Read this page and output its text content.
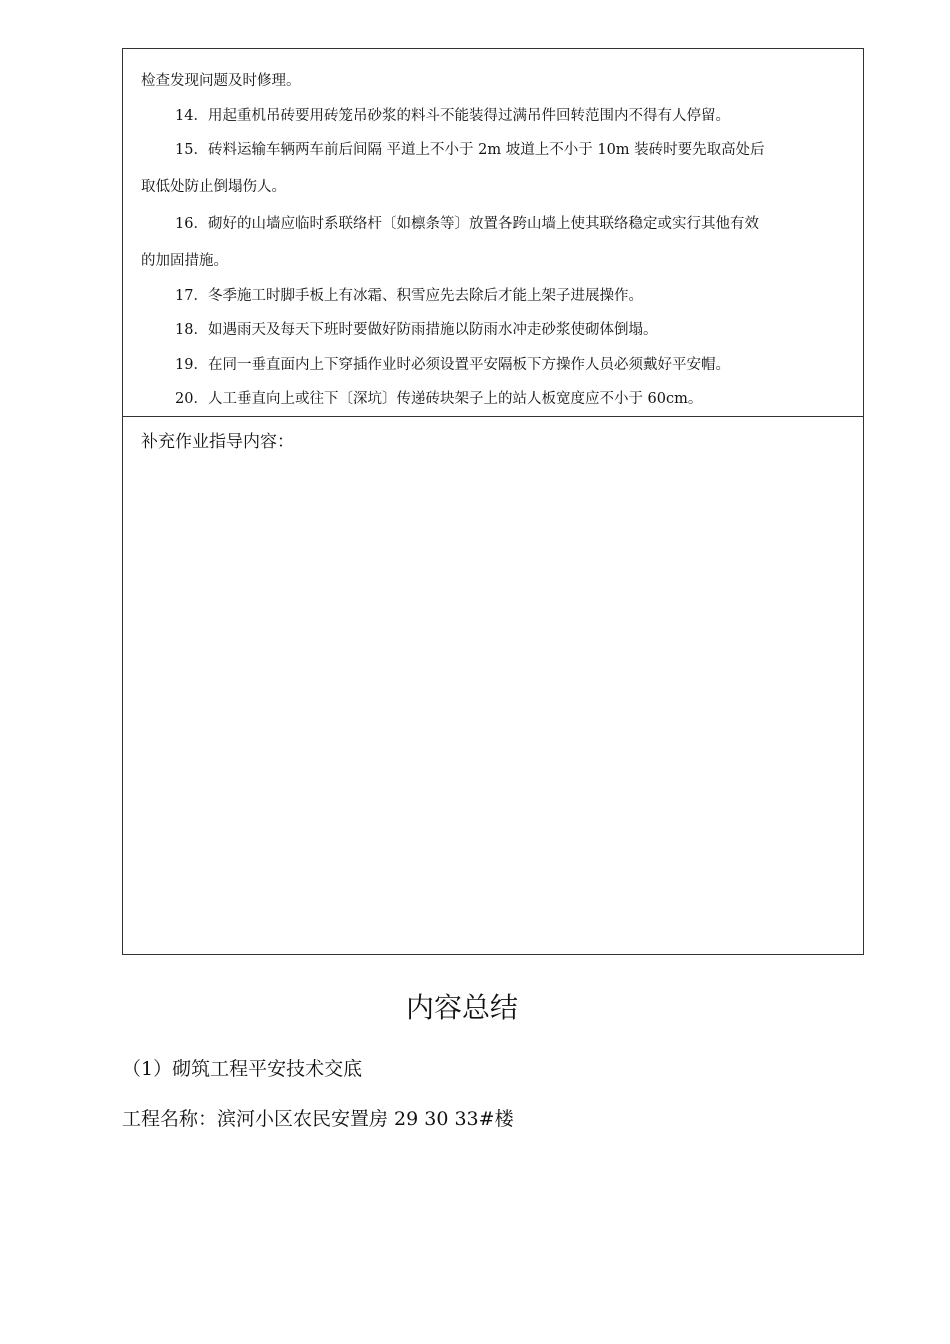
检查发现问题及时修理。
14．用起重机吊砖要用砖笼吊砂浆的料斗不能装得过满吊件回转范围内不得有人停留。
15．砖料运输车辆两车前后间隔 平道上不小于 2m 坡道上不小于 10m 装砖时要先取高处后
取低处防止倒塌伤人。
16．砌好的山墙应临时系联络杆〔如檩条等〕放置各跨山墙上使其联络稳定或实行其他有效
的加固措施。
17．冬季施工时脚手板上有冰霜、积雪应先去除后才能上架子进展操作。
18．如遇雨天及每天下班时要做好防雨措施以防雨水冲走砂浆使砌体倒塌。
19．在同一垂直面内上下穿插作业时必须设置平安隔板下方操作人员必须戴好平安帽。
20．人工垂直向上或往下〔深坑〕传递砖块架子上的站人板宽度应不小于 60cm。
补充作业指导内容：
内容总结
（1）砌筑工程平安技术交底
工程名称：滨河小区农民安置房 29 30 33#楼
